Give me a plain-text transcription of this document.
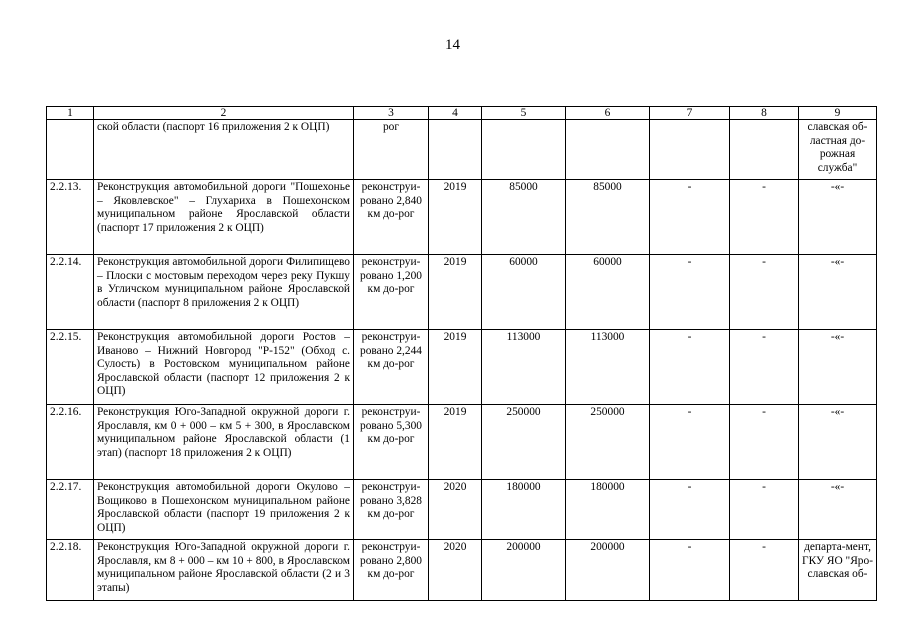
14
1	2	3	4	5	6	7	8	9
	ской области (паспорт 16 приложения 2 к ОЦП)	рог						славская об-ластная до-рожная служба"
2.2.13.	Реконструкция автомобильной дороги "Пошехонье – Яковлевское" – Глухариха в Пошехонском муниципальном районе Ярославской области (паспорт 17 приложения 2 к ОЦП)	реконструи-ровано 2,840 км до-рог	2019	85000	85000	-	-	-«-
2.2.14.	Реконструкция автомобильной дороги Филипищево – Плоски с мостовым переходом через реку Пукшу в Угличском муниципальном районе Ярославской области (паспорт 8 приложения 2 к ОЦП)	реконструи-ровано 1,200 км до-рог	2019	60000	60000	-	-	-«-
2.2.15.	Реконструкция автомобильной дороги Ростов – Иваново – Нижний Новгород "Р-152" (Обход с. Сулость) в Ростовском муниципальном районе Ярославской области (паспорт 12 приложения 2 к ОЦП)	реконструи-ровано 2,244 км до-рог	2019	113000	113000	-	-	-«-
2.2.16.	Реконструкция Юго-Западной окружной дороги г. Ярославля, км 0 + 000 – км 5 + 300, в Ярославском муниципальном районе Ярославской области (1 этап) (паспорт 18 приложения 2 к ОЦП)	реконструи-ровано 5,300 км до-рог	2019	250000	250000	-	-	-«-
2.2.17.	Реконструкция автомобильной дороги Окулово – Вощиково в Пошехонском муниципальном районе Ярославской области (паспорт 19 приложения 2 к ОЦП)	реконструи-ровано 3,828 км до-рог	2020	180000	180000	-	-	-«-
2.2.18.	Реконструкция Юго-Западной окружной дороги г. Ярославля, км 8 + 000 – км 10 + 800, в Ярославском муниципальном районе Ярославской области (2 и 3 этапы)	реконструи-ровано 2,800 км до-рог	2020	200000	200000	-	-	департа-мент, ГКУ ЯО "Яро-славская об-
